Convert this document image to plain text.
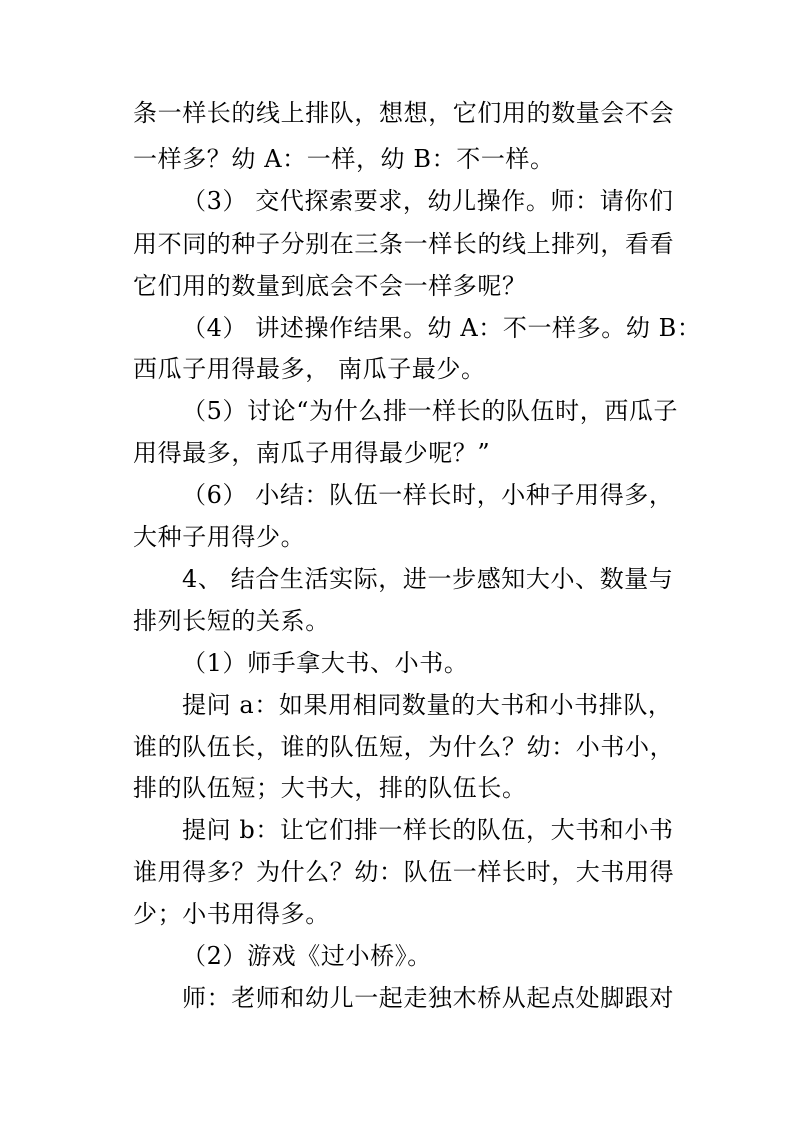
条一样长的线上排队，想想，它们用的数量会不会
一样多？幼 A：一样，幼 B：不一样。
（3） 交代探索要求，幼儿操作。师：请你们
用不同的种子分别在三条一样长的线上排列，看看
它们用的数量到底会不会一样多呢？
（4） 讲述操作结果。幼 A：不一样多。幼 B：
西瓜子用得最多， 南瓜子最少。
（5）讨论“为什么排一样长的队伍时，西瓜子
用得最多，南瓜子用得最少呢？”
（6） 小结：队伍一样长时，小种子用得多，
大种子用得少。
4、 结合生活实际，进一步感知大小、数量与
排列长短的关系。
（1）师手拿大书、小书。
提问 a：如果用相同数量的大书和小书排队，
谁的队伍长，谁的队伍短，为什么？幼：小书小，
排的队伍短；大书大，排的队伍长。
提问 b：让它们排一样长的队伍，大书和小书
谁用得多？为什么？幼：队伍一样长时，大书用得
少；小书用得多。
（2）游戏《过小桥》。
师：老师和幼儿一起走独木桥从起点处脚跟对
